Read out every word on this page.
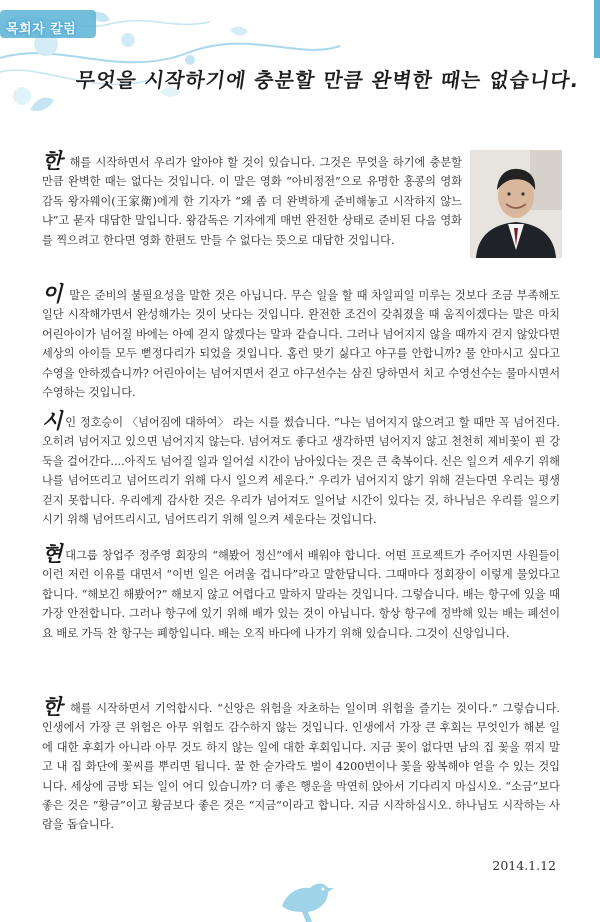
목회자 칼럼
무엇을 시작하기에 충분할 만큼 완벽한 때는 없습니다.

한 해를 시작하면서 우리가 알아야 할 것이 있습니다. 그것은 무엇을 하기에 충분할 만큼 완벽한 때는 없다는 것입니다. 이 말은 영화 “아비정전”으로 유명한 홍콩의 영화감독 왕자웨이(王家衛)에게 한 기자가 “왜 좀 더 완벽하게 준비해놓고 시작하지 않느냐”고 묻자 대답한 말입니다. 왕감독은 기자에게 매번 완전한 상태로 준비된 다음 영화를 찍으려고 한다면 영화 한편도 만들 수 없다는 뜻으로 대답한 것입니다.

이 말은 준비의 불필요성을 말한 것은 아닙니다. 무슨 일을 할 때 차일피일 미루는 것보다 조금 부족해도 일단 시작해가면서 완성해가는 것이 낫다는 것입니다. 완전한 조건이 갖춰졌을 때 움직이겠다는 말은 마치 어린아이가 넘어질 바에는 아예 걷지 않겠다는 말과 같습니다. 그러나 넘어지지 않을 때까지 걷지 않았다면 세상의 아이들 모두 뻗정다리가 되었을 것입니다. 홈런 맞기 싫다고 야구를 안합니까? 물 안마시고 싶다고 수영을 안하겠습니까? 어린아이는 넘어지면서 걷고 야구선수는 삼진 당하면서 치고 수영선수는 물마시면서 수영하는 것입니다.

시인 정호승이 〈넘어짐에 대하여〉 라는 시를 썼습니다. “나는 넘어지지 않으려고 할 때만 꼭 넘어진다. 오히려 넘어지고 있으면 넘어지지 않는다. 넘어져도 좋다고 생각하면 넘어지지 않고 천천히 제비꽃이 핀 강둑을 걸어간다....아직도 넘어질 일과 일어설 시간이 남아있다는 것은 큰 축복이다. 신은 일으켜 세우기 위해 나를 넘어뜨리고 넘어뜨리기 위해 다시 일으켜 세운다.” 우리가 넘어지지 않기 위해 걷는다면 우리는 평생 걷지 못합니다. 우리에게 감사한 것은 우리가 넘어져도 일어날 시간이 있다는 것, 하나님은 우리를 일으키시기 위해 넘어뜨리시고, 넘어뜨리기 위해 일으켜 세운다는 것입니다.

현대그룹 창업주 정주영 회장의 “해봤어 정신”에서 배워야 합니다. 어떤 프로젝트가 주어지면 사원들이 이런 저런 이유를 대면서 “이번 일은 어려울 겁니다”라고 말한답니다. 그때마다 정회장이 이렇게 물었다고 합니다. “해보긴 해봤어?” 해보지 않고 어렵다고 말하지 말라는 것입니다. 그렇습니다. 배는 항구에 있을 때 가장 안전합니다. 그러나 항구에 있기 위해 배가 있는 것이 아닙니다. 항상 항구에 정박해 있는 배는 폐선이요 배로 가득 찬 항구는 폐항입니다. 배는 오직 바다에 나가기 위해 있습니다. 그것이 신앙입니다.

한 해를 시작하면서 기억합시다. “신앙은 위험을 자초하는 일이며 위험을 즐기는 것이다.” 그렇습니다. 인생에서 가장 큰 위험은 아무 위험도 감수하지 않는 것입니다. 인생에서 가장 큰 후회는 무엇인가 해본 일에 대한 후회가 아니라 아무 것도 하지 않는 일에 대한 후회입니다. 지금 꽃이 없다면 남의 집 꽃을 꺾지 말고 내 집 화단에 꽃씨를 뿌리면 됩니다. 꿀 한 숟가락도 벌이 4200번이나 꽃을 왕복해야 얻을 수 있는 것입니다. 세상에 금방 되는 일이 어디 있습니까? 더 좋은 행운을 막연히 앉아서 기다리지 마십시오. “소금”보다 좋은 것은 “황금”이고 황금보다 좋은 것은 “지금”이라고 합니다. 지금 시작하십시오. 하나님도 시작하는 사람을 돕습니다.

2014.1.12
